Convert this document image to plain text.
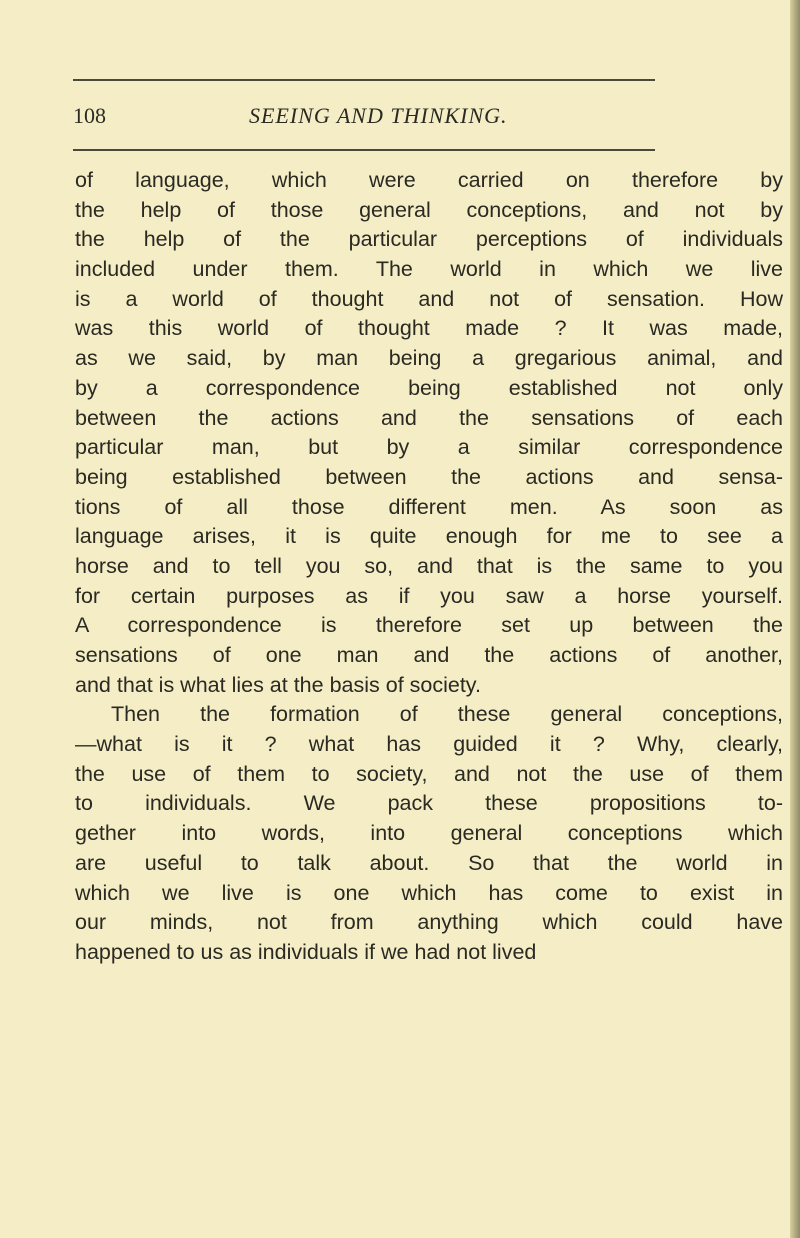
108	SEEING AND THINKING.
of language, which were carried on therefore by
the help of those general conceptions, and not by
the help of the particular perceptions of individuals
included under them. The world in which we live
is a world of thought and not of sensation. How
was this world of thought made ? It was made,
as we said, by man being a gregarious animal, and
by a correspondence being established not only
between the actions and the sensations of each
particular man, but by a similar correspondence
being established between the actions and sensa-
tions of all those different men. As soon as
language arises, it is quite enough for me to see a
horse and to tell you so, and that is the same to you
for certain purposes as if you saw a horse yourself.
A correspondence is therefore set up between the
sensations of one man and the actions of another,
and that is what lies at the basis of society.
Then the formation of these general conceptions,
—what is it ? what has guided it ? Why, clearly,
the use of them to society, and not the use of them
to individuals. We pack these propositions to-
gether into words, into general conceptions which
are useful to talk about. So that the world in
which we live is one which has come to exist in
our minds, not from anything which could have
happened to us as individuals if we had not lived
